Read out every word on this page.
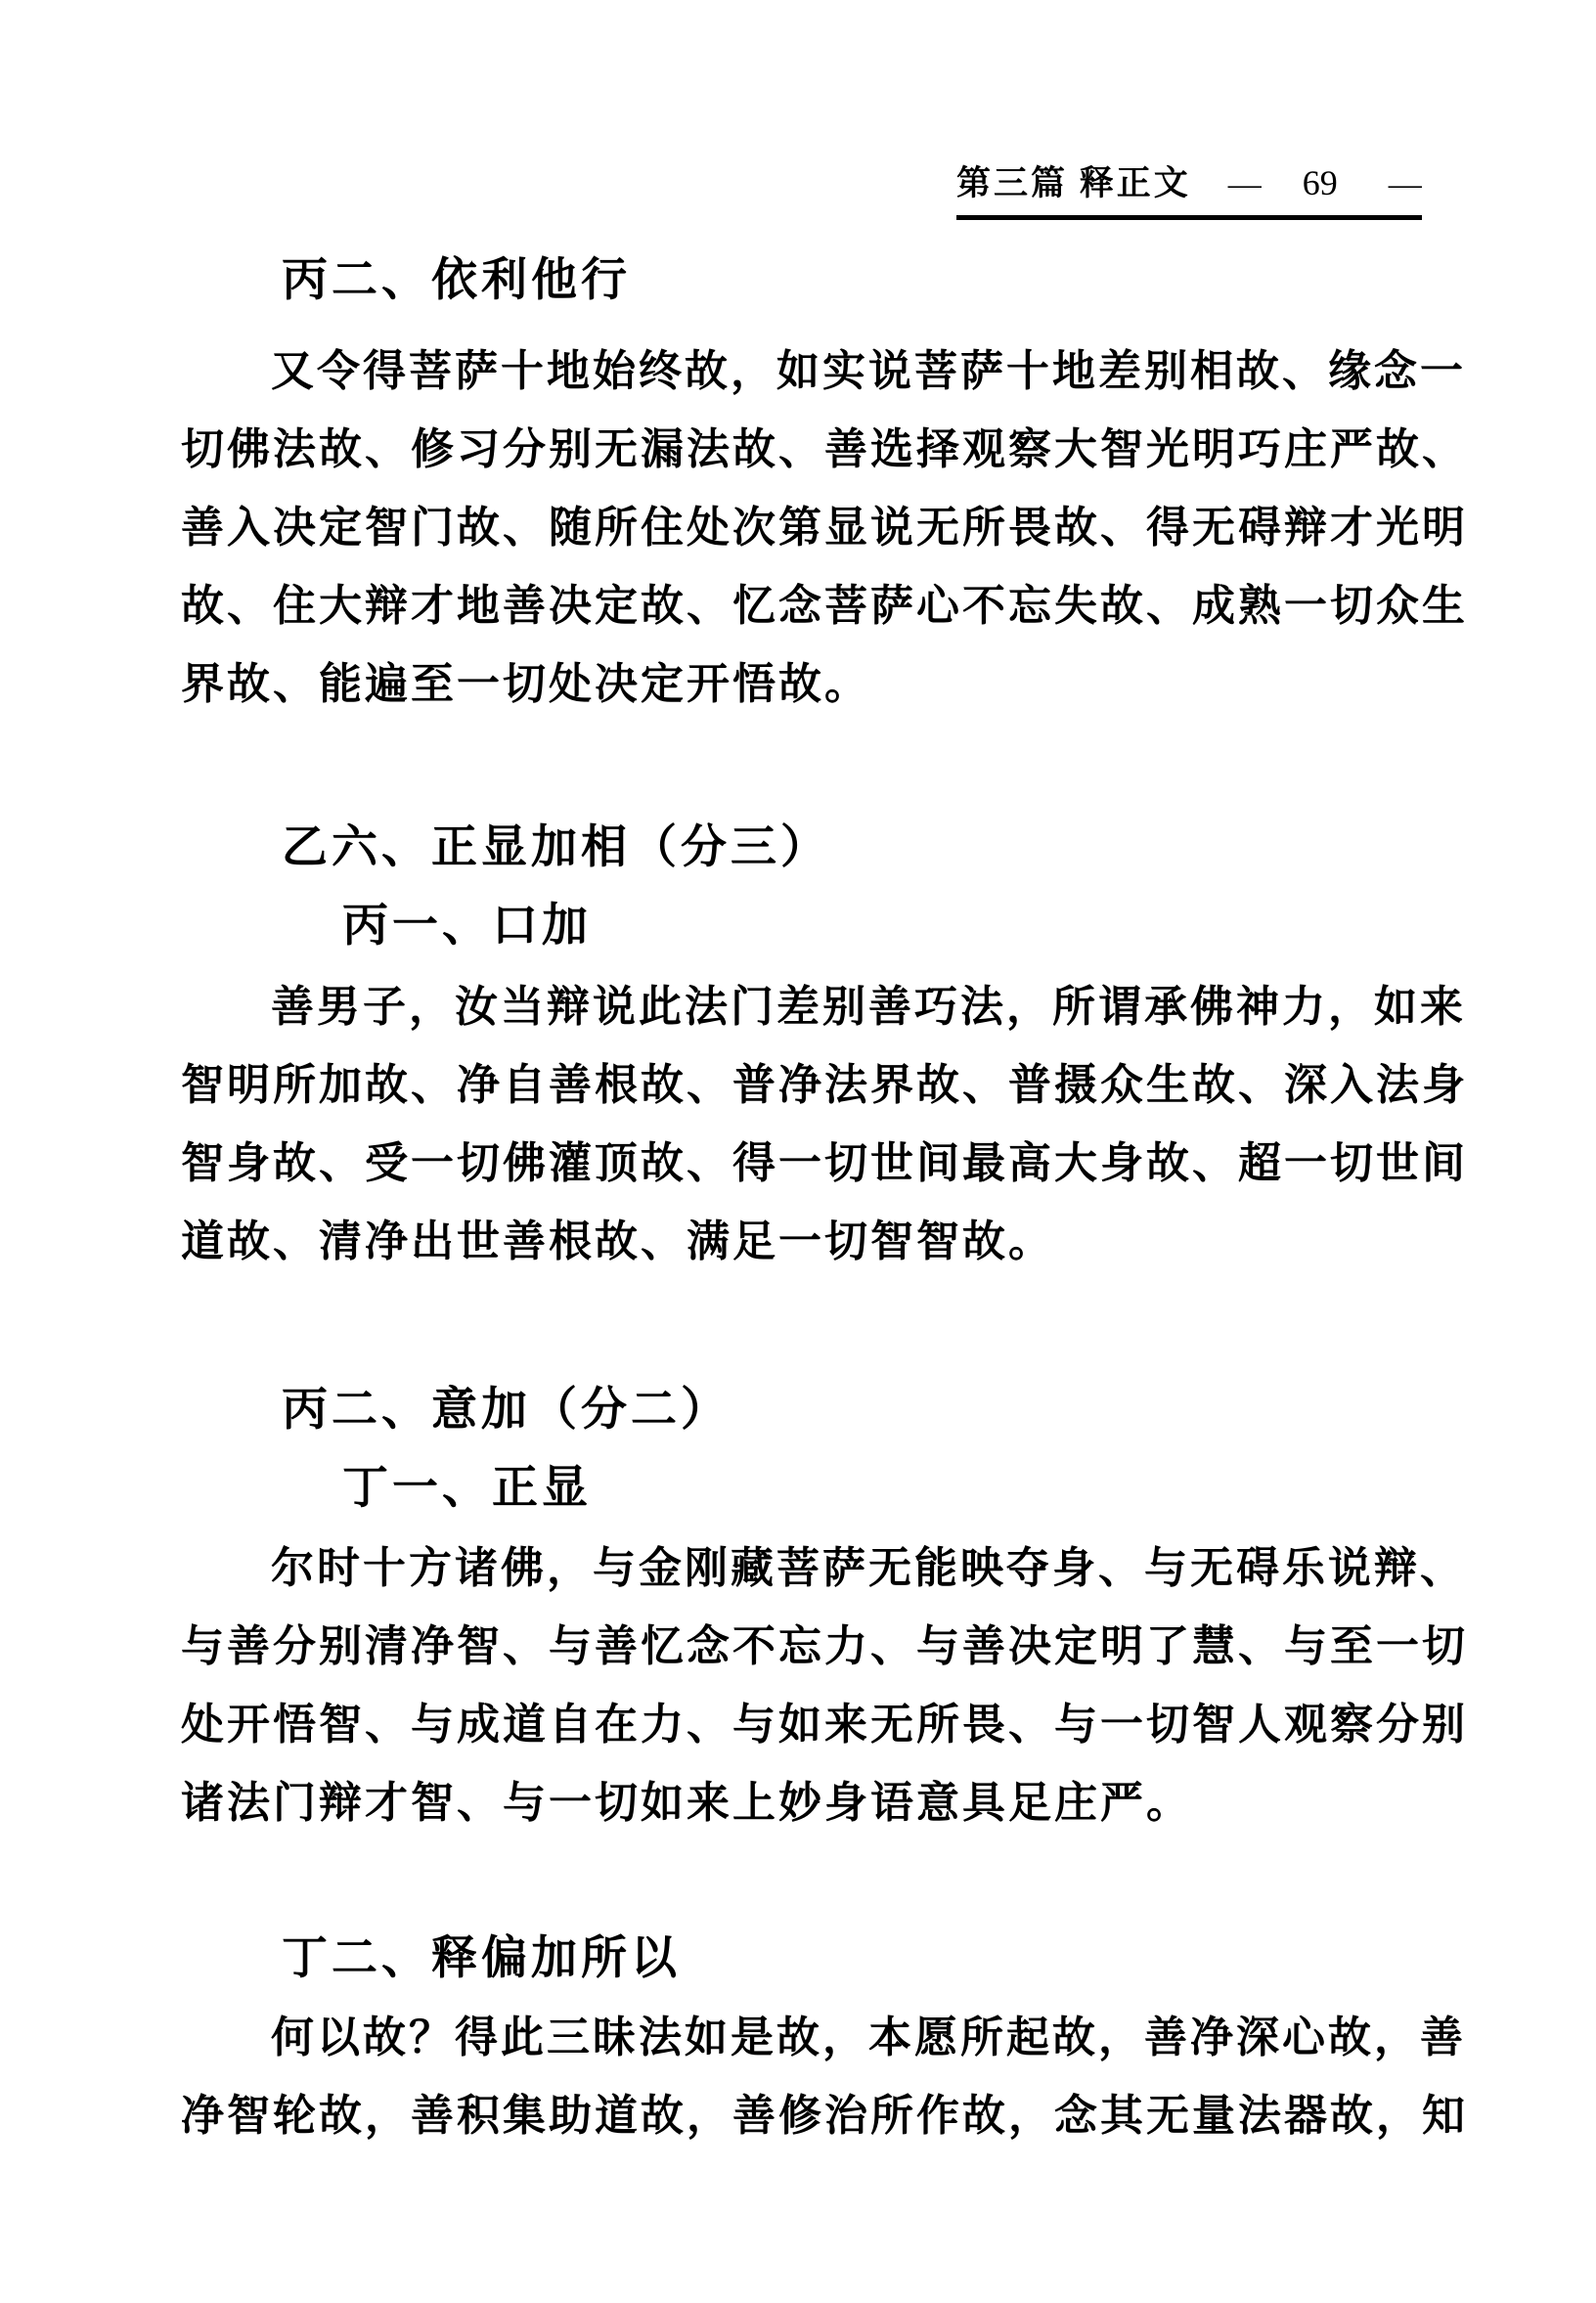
第三篇 释正文 — 69 —
丙二、依利他行
又令得菩萨十地始终故，如实说菩萨十地差别相故、缘念一
切佛法故、修习分别无漏法故、善选择观察大智光明巧庄严故、
善入决定智门故、随所住处次第显说无所畏故、得无碍辩才光明
故、住大辩才地善决定故、忆念菩萨心不忘失故、成熟一切众生
界故、能遍至一切处决定开悟故。
乙六、正显加相（分三）
丙一、口加
善男子，汝当辩说此法门差别善巧法，所谓承佛神力，如来
智明所加故、净自善根故、普净法界故、普摄众生故、深入法身
智身故、受一切佛灌顶故、得一切世间最高大身故、超一切世间
道故、清净出世善根故、满足一切智智故。
丙二、意加（分二）
丁一、正显
尔时十方诸佛，与金刚藏菩萨无能映夺身、与无碍乐说辩、
与善分别清净智、与善忆念不忘力、与善决定明了慧、与至一切
处开悟智、与成道自在力、与如来无所畏、与一切智人观察分别
诸法门辩才智、与一切如来上妙身语意具足庄严。
丁二、释偏加所以
何以故？得此三昧法如是故，本愿所起故，善净深心故，善
净智轮故，善积集助道故，善修治所作故，念其无量法器故，知
